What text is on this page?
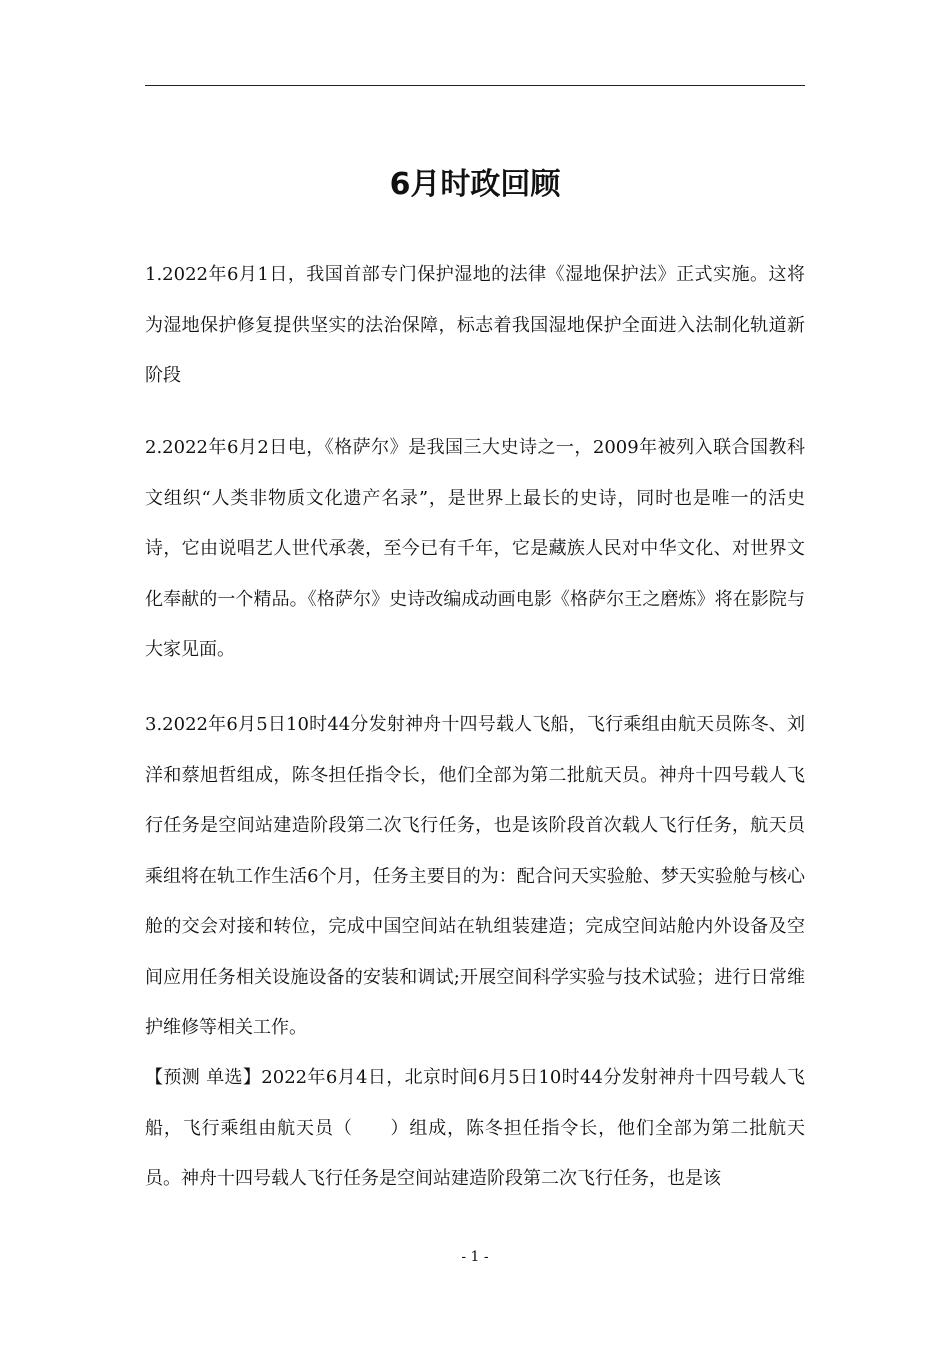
6月时政回顾

1.2022年6月1日，我国首部专门保护湿地的法律《湿地保护法》正式实施。这将为湿地保护修复提供坚实的法治保障，标志着我国湿地保护全面进入法制化轨道新阶段

2.2022年6月2日电，《格萨尔》是我国三大史诗之一，2009年被列入联合国教科文组织“人类非物质文化遗产名录”，是世界上最长的史诗，同时也是唯一的活史诗，它由说唱艺人世代承袭，至今已有千年，它是藏族人民对中华文化、对世界文化奉献的一个精品。《格萨尔》史诗改编成动画电影《格萨尔王之磨炼》将在影院与大家见面。

3.2022年6月5日10时44分发射神舟十四号载人飞船，飞行乘组由航天员陈冬、刘洋和蔡旭哲组成，陈冬担任指令长，他们全部为第二批航天员。神舟十四号载人飞行任务是空间站建造阶段第二次飞行任务，也是该阶段首次载人飞行任务，航天员乘组将在轨工作生活6个月，任务主要目的为：配合问天实验舱、梦天实验舱与核心舱的交会对接和转位，完成中国空间站在轨组装建造；完成空间站舱内外设备及空间应用任务相关设施设备的安装和调试;开展空间科学实验与技术试验；进行日常维护维修等相关工作。

【预测 单选】2022年6月4日，北京时间6月5日10时44分发射神舟十四号载人飞船，飞行乘组由航天员（　　）组成，陈冬担任指令长，他们全部为第二批航天员。神舟十四号载人飞行任务是空间站建造阶段第二次飞行任务，也是该

- 1 -
